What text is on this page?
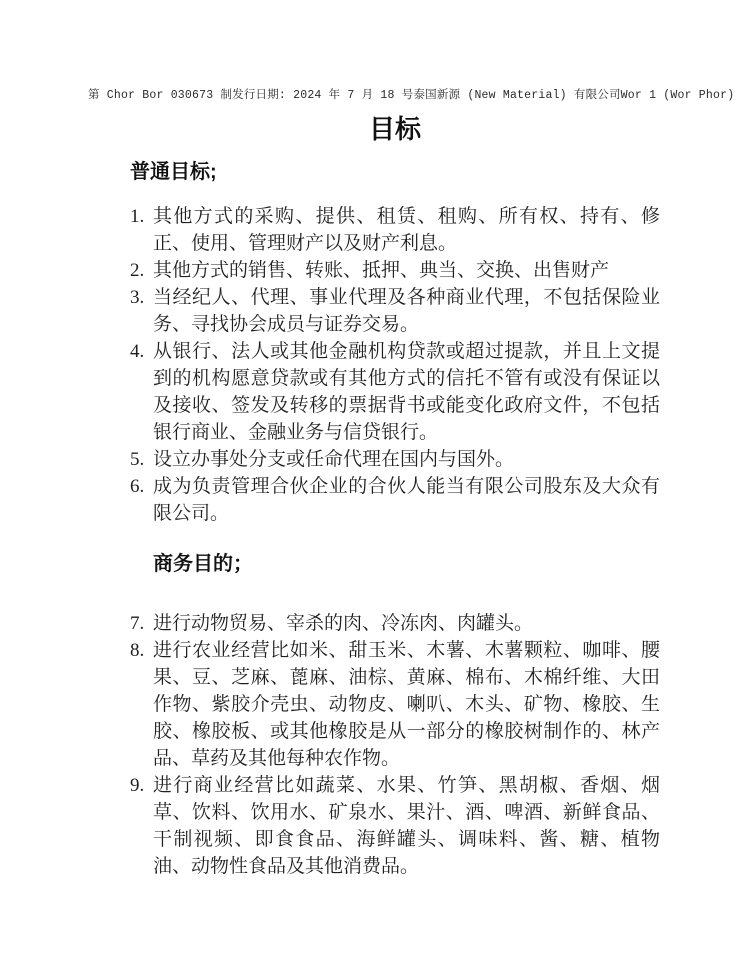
第 Chor Bor 030673 制 发行日期: 2024 年 7 月 18 号 泰国新源 (New Material) 有限公司 Wor 1 (Wor Phor)
目标
普通目标;
1. 其他方式的采购、提供、租赁、租购、所有权、持有、修正、使用、管理财产以及财产利息。
2. 其他方式的销售、转账、抵押、典当、交换、出售财产
3. 当经纪人、代理、事业代理及各种商业代理，不包括保险业务、寻找协会成员与证券交易。
4. 从银行、法人或其他金融机构贷款或超过提款，并且上文提到的机构愿意贷款或有其他方式的信托不管有或没有保证以及接收、签发及转移的票据背书或能变化政府文件，不包括银行商业、金融业务与信贷银行。
5. 设立办事处分支或任命代理在国内与国外。
6. 成为负责管理合伙企业的合伙人能当有限公司股东及大众有限公司。
商务目的；
7. 进行动物贸易、宰杀的肉、冷冻肉、肉罐头。
8. 进行农业经营比如米、甜玉米、木薯、木薯颗粒、咖啡、腰果、豆、芝麻、蓖麻、油棕、黄麻、棉布、木棉纤维、大田作物、紫胶介壳虫、动物皮、喇叭、木头、矿物、橡胶、生胶、橡胶板、或其他橡胶是从一部分的橡胶树制作的、林产品、草药及其他每种农作物。
9. 进行商业经营比如蔬菜、水果、竹笋、黑胡椒、香烟、烟草、饮料、饮用水、矿泉水、果汁、酒、啤酒、新鲜食品、干制视频、即食食品、海鲜罐头、调味料、酱、糖、植物油、动物性食品及其他消费品。
